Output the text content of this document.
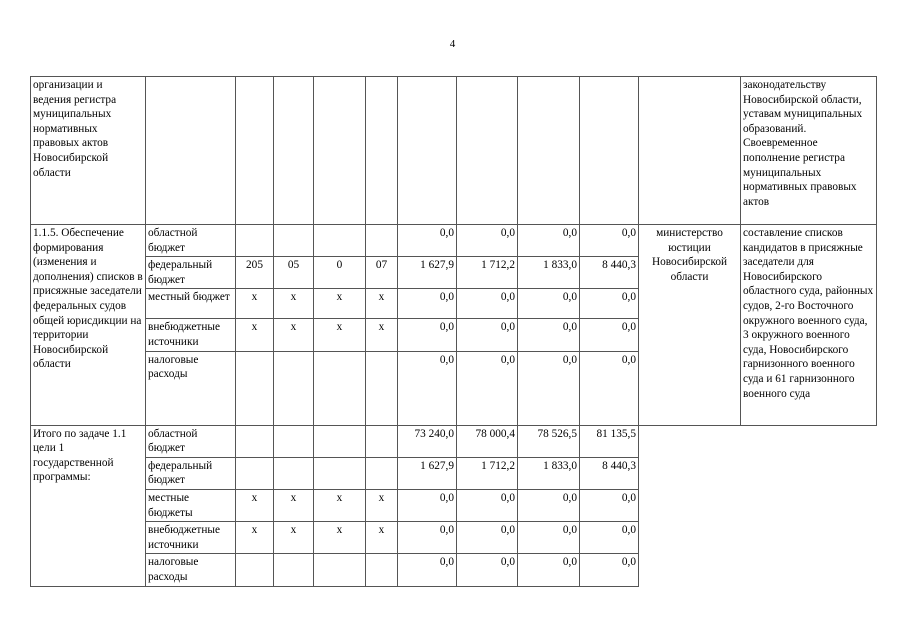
4
организации и ведения регистра муниципальных нормативных правовых актов Новосибирской области											законодательству Новосибирской области, уставам муниципальных образований. Своевременное пополнение регистра муниципальных нормативных правовых актов
1.1.5. Обеспечение формирования (изменения и дополнения) списков в присяжные заседатели федеральных судов общей юрисдикции на территории Новосибирской области	областной бюджет					0,0	0,0	0,0	0,0	министерство юстиции Новосибирской области	составление списков кандидатов в присяжные заседатели для Новосибирского областного суда, районных судов, 2-го Восточного окружного военного суда, 3 окружного военного суда, Новосибирского гарнизонного военного суда и 61 гарнизонного военного суда
	федеральный бюджет	205	05	0	07	1 627,9	1 712,2	1 833,0	8 440,3		
	местный бюджет	x	x	x	x	0,0	0,0	0,0	0,0		
	внебюджетные источники	x	x	x	x	0,0	0,0	0,0	0,0		
	налоговые расходы					0,0	0,0	0,0	0,0		
Итого по задаче 1.1 цели 1 государственной программы:	областной бюджет					73 240,0	78 000,4	78 526,5	81 135,5		
	федеральный бюджет					1 627,9	1 712,2	1 833,0	8 440,3		
	местные бюджеты	x	x	x	x	0,0	0,0	0,0	0,0		
	внебюджетные источники	x	x	x	x	0,0	0,0	0,0	0,0		
	налоговые расходы					0,0	0,0	0,0	0,0		
